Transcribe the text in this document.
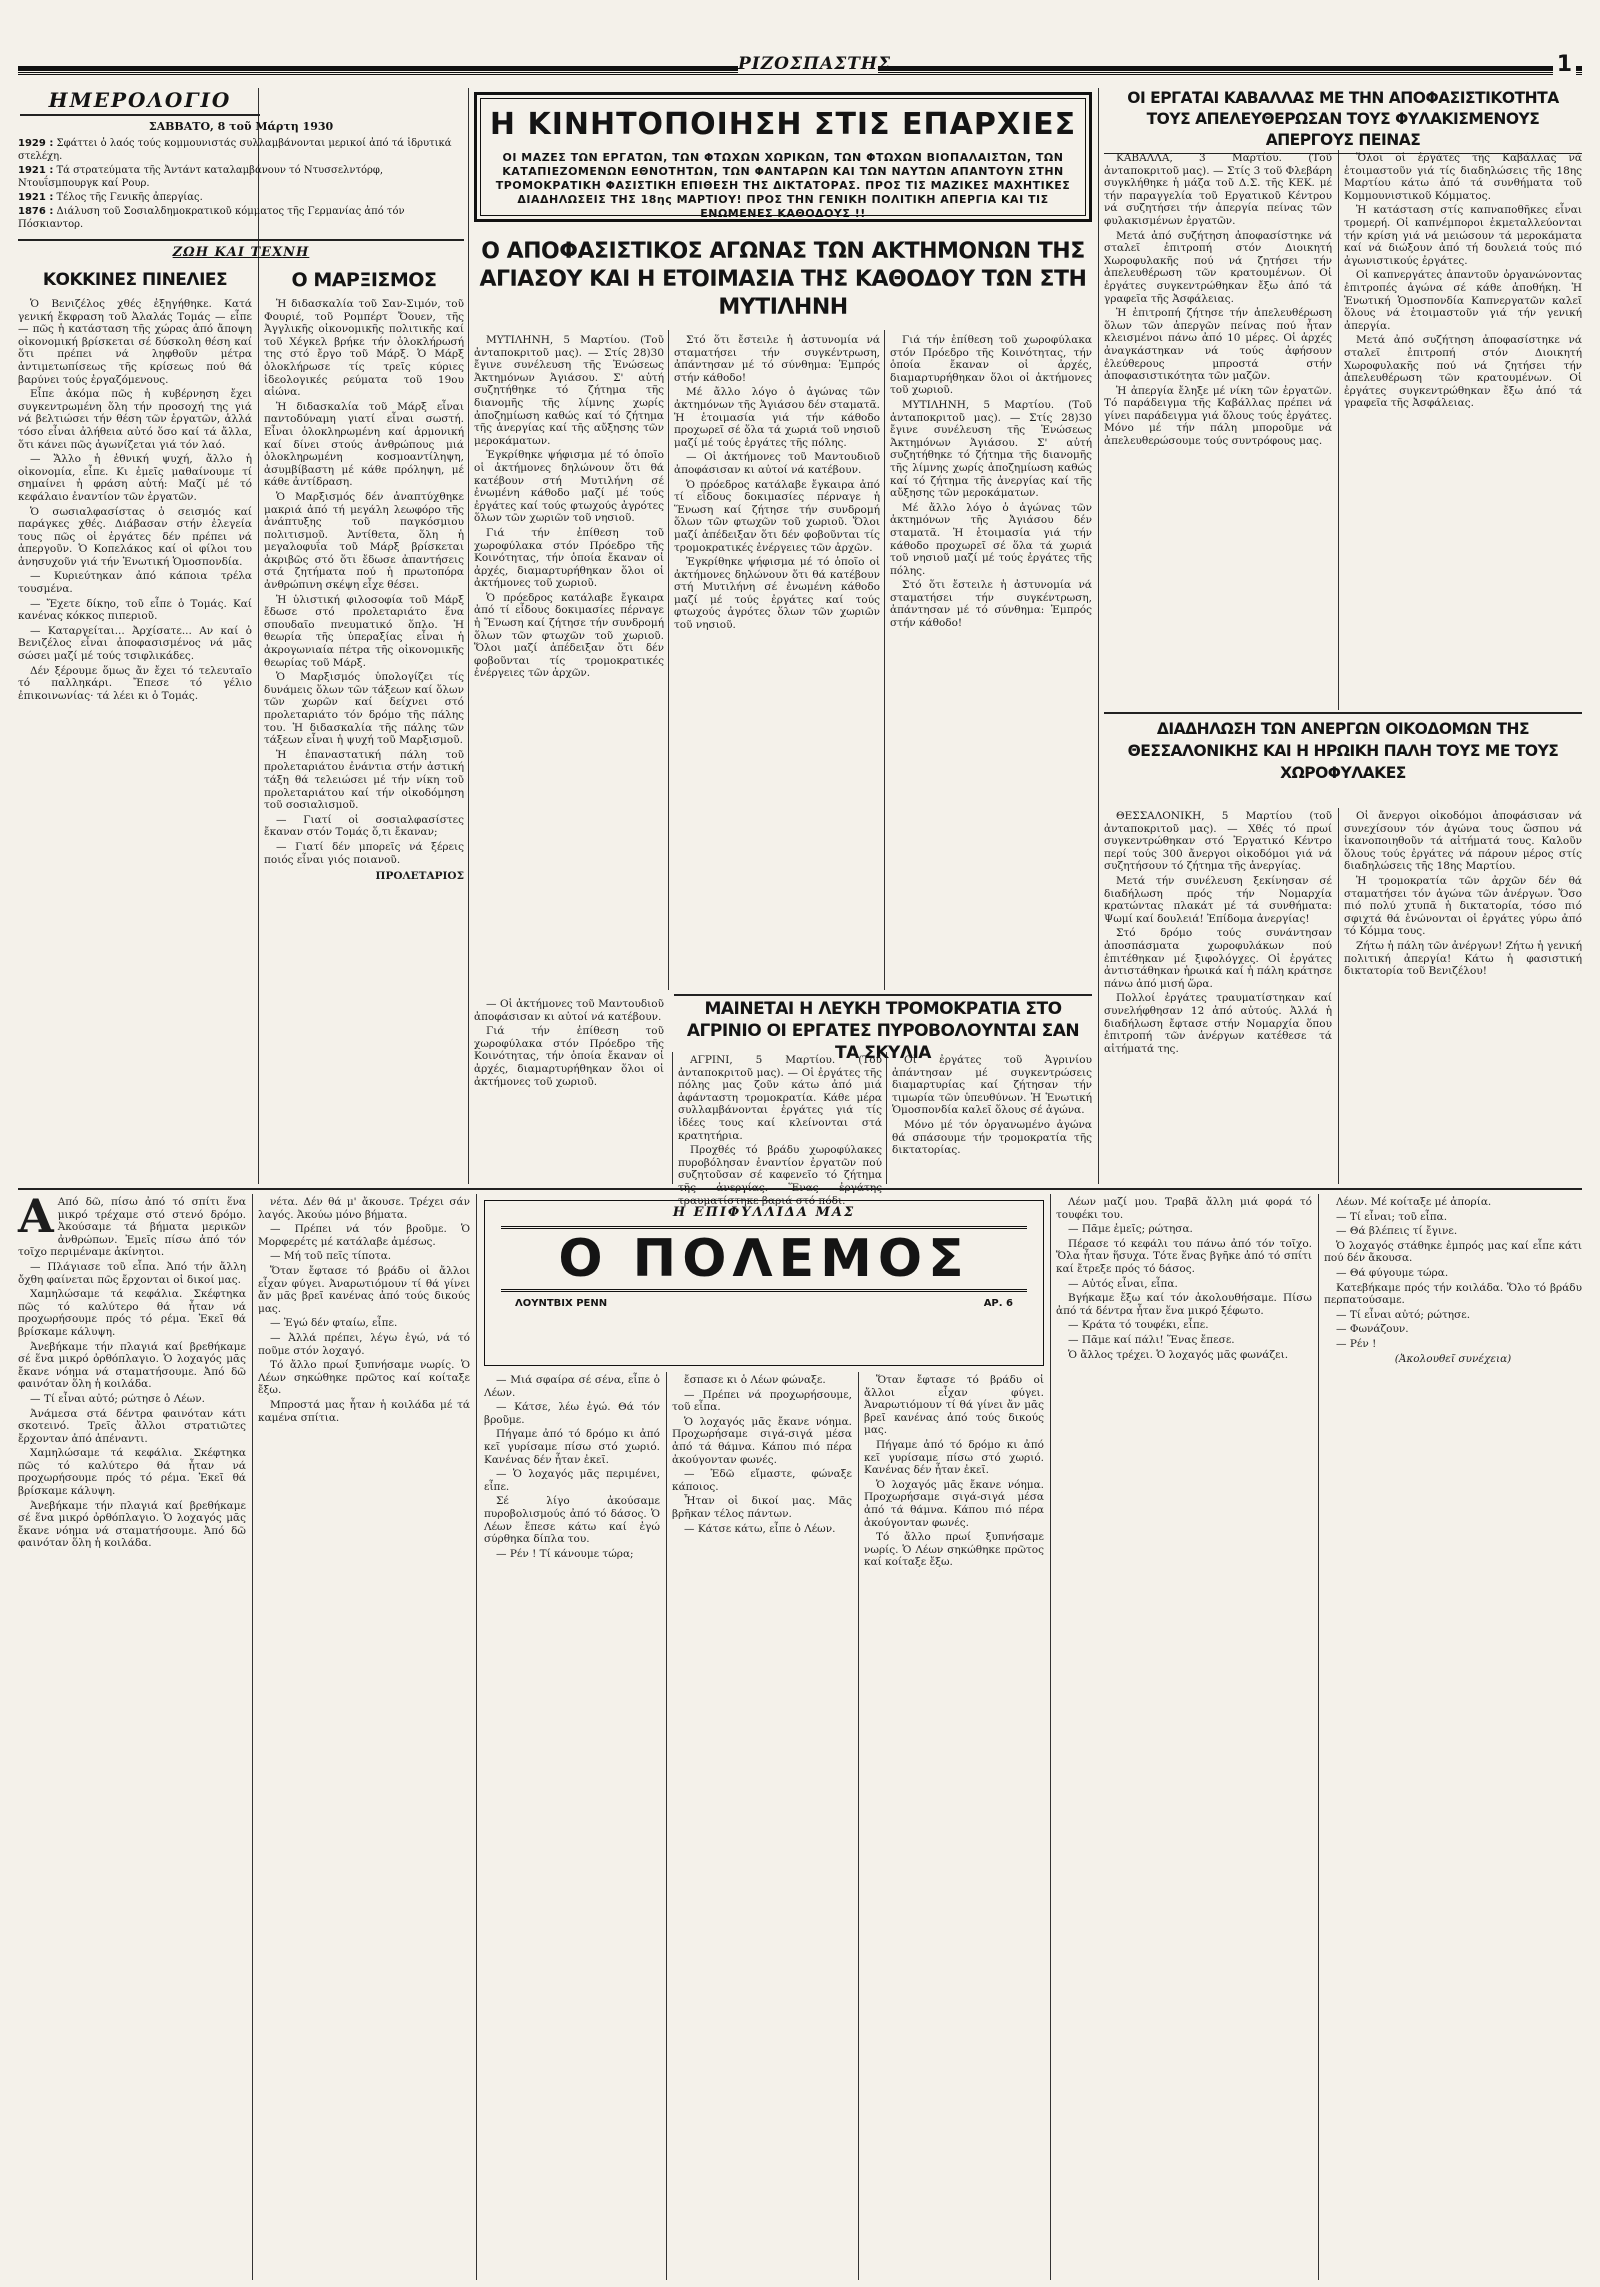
ΡΙΖΟΣΠΑΣΤΗΣ	1
ΗΜΕΡΟΛΟΓΙΟ
ΣΑΒΒΑΤΟ, 8 τοῦ Μάρτη 1930
1929 : Σφάττει ὁ λαός τούς κομμουνιστάς συλλαμβάνονται μερικοί ἀπό τά ἱδρυτικά στελέχη.
1921 : Τά στρατεύματα τῆς Ἀντάντ καταλαμβάνουν τό Ντυσσελντόρφ, Ντουΐσμπουργκ καί Ρουρ.
1921 : Τέλος τῆς Γενικῆς ἀπεργίας.
1876 : Διάλυση τοῦ Σοσιαλδημοκρατικοῦ κόμματος τῆς Γερμανίας ἀπό τόν Πόσκιαντορ.
ΖΩΗ ΚΑΙ ΤΕΧΝΗ
ΚΟΚΚΙΝΕΣ ΠΙΝΕΛΙΕΣ

Ὁ Βενιζέλος χθές ἐξηγήθηκε. Κατά γενική ἔκφραση τοῦ Ἀλαλάς Τομάς — εἶπε — πῶς ἡ κατάσταση τῆς χώρας ἀπό ἄποψη οἰκονομική βρίσκεται σέ δύσκολη θέση καί ὅτι πρέπει νά ληφθοῦν μέτρα ἀντιμετωπίσεως τῆς κρίσεως πού θά βαρύνει τούς ἐργαζόμενους.

Εἶπε ἀκόμα πῶς ἡ κυβέρνηση ἔχει συγκεντρωμένη ὅλη τήν προσοχή της γιά νά βελτιώσει τήν θέση τῶν ἐργατῶν, ἀλλά τόσο εἶναι ἀλήθεια αὐτό ὅσο καί τά ἄλλα, ὅτι κάνει πῶς ἀγωνίζεται γιά τόν λαό.

— Ἄλλο ἡ ἐθνική ψυχή, ἄλλο ἡ οἰκονομία, εἶπε. Κι ἐμεῖς μαθαίνουμε τί σημαίνει ἡ φράση αὐτή: Μαζί μέ τό κεφάλαιο ἐναντίον τῶν ἐργατῶν.

Ὁ σωσιαλφασίστας ὁ σεισμός καί παράγκες χθές. Διάβασαν στήν ἐλεγεία τους πῶς οἱ ἐργάτες δέν πρέπει νά ἀπεργοῦν. Ὁ Κοπελάκος καί οἱ φίλοι του ἀνησυχοῦν γιά τήν Ἑνωτική Ὁμοσπονδία.

— Κυριεύτηκαν ἀπό κάποια τρέλα τουσμένα.

— Ἔχετε δίκηο, τοῦ εἶπε ὁ Τομάς. Καί κανένας κόκκος πιπεριοῦ.

— Καταργείται... Ἀρχίσατε... Αν καί ὁ Βενιζέλος εἶναι ἀποφασισμένος νά μᾶς σώσει μαζί μέ τούς τσιφλικάδες.

Δέν ξέρουμε ὅμως ἄν ἔχει τό τελευταῖο τό παλληκάρι. Ἔπεσε τό γέλιο ἐπικοινωνίας· τά λέει κι ὁ Τομάς.

Ο ΜΑΡΞΙΣΜΟΣ

Ἡ διδασκαλία τοῦ Σαν-Σιμόν, τοῦ Φουριέ, τοῦ Ρομπέρτ Ὄουεν, τῆς Ἀγγλικῆς οἰκονομικῆς πολιτικῆς καί τοῦ Χέγκελ βρήκε τήν ὁλοκλήρωσή της στό ἔργο τοῦ Μάρξ. Ὁ Μάρξ ὁλοκλήρωσε τίς τρεῖς κύριες ἰδεολογικές ρεύματα τοῦ 19ου αἰώνα.

Ἡ διδασκαλία τοῦ Μάρξ εἶναι παντοδύναμη γιατί εἶναι σωστή. Εἶναι ὁλοκληρωμένη καί ἁρμονική καί δίνει στούς ἀνθρώπους μιά ὁλοκληρωμένη κοσμοαντίληψη, ἀσυμβίβαστη μέ κάθε πρόληψη, μέ κάθε ἀντίδραση.

Ὁ Μαρξισμός δέν ἀναπτύχθηκε μακριά ἀπό τή μεγάλη λεωφόρο τῆς ἀνάπτυξης τοῦ παγκόσμιου πολιτισμοῦ. Ἀντίθετα, ὅλη ἡ μεγαλοφυΐα τοῦ Μάρξ βρίσκεται ἀκριβῶς στό ὅτι ἔδωσε ἀπαντήσεις στά ζητήματα πού ἡ πρωτοπόρα ἀνθρώπινη σκέψη εἶχε θέσει.

Ἡ ὑλιστική φιλοσοφία τοῦ Μάρξ ἔδωσε στό προλεταριάτο ἕνα σπουδαῖο πνευματικό ὅπλο. Ἡ θεωρία τῆς ὑπεραξίας εἶναι ἡ ἀκρογωνιαία πέτρα τῆς οἰκονομικῆς θεωρίας τοῦ Μάρξ.

Ὁ Μαρξισμός ὑπολογίζει τίς δυνάμεις ὅλων τῶν τάξεων καί ὅλων τῶν χωρῶν καί δείχνει στό προλεταριάτο τόν δρόμο τῆς πάλης του. Ἡ διδασκαλία τῆς πάλης τῶν τάξεων εἶναι ἡ ψυχή τοῦ Μαρξισμοῦ.

Ἡ ἐπαναστατική πάλη τοῦ προλεταριάτου ἐνάντια στήν ἀστική τάξη θά τελειώσει μέ τήν νίκη τοῦ προλεταριάτου καί τήν οἰκοδόμηση τοῦ σοσιαλισμοῦ.

— Γιατί οἱ σοσιαλφασίστες ἔκαναν στόν Τομάς ὅ,τι ἔκαναν;

— Γιατί δέν μπορεῖς νά ξέρεις ποιός εἶναι γιός ποιανοῦ.

ΠΡΟΛΕΤΑΡΙΟΣ

Η ΚΙΝΗΤΟΠΟΙΗΣΗ ΣΤΙΣ ΕΠΑΡΧΙΕΣ
ΟΙ ΜΑΖΕΣ ΤΩΝ ΕΡΓΑΤΩΝ, ΤΩΝ ΦΤΩΧΩΝ ΧΩΡΙΚΩΝ, ΤΩΝ ΦΤΩΧΩΝ ΒΙΟΠΑΛΑΙΣΤΩΝ, ΤΩΝ ΚΑΤΑΠΙΕΖΟΜΕΝΩΝ ΕΘΝΟΤΗΤΩΝ, ΤΩΝ ΦΑΝΤΑΡΩΝ ΚΑΙ ΤΩΝ ΝΑΥΤΩΝ ΑΠΑΝΤΟΥΝ ΣΤΗΝ ΤΡΟΜΟΚΡΑΤΙΚΗ ΦΑΣΙΣΤΙΚΗ ΕΠΙΘΕΣΗ ΤΗΣ ΔΙΚΤΑΤΟΡΑΣ. ΠΡΟΣ ΤΙΣ ΜΑΖΙΚΕΣ ΜΑΧΗΤΙΚΕΣ ΔΙΑΔΗΛΩΣΕΙΣ ΤΗΣ 18ης ΜΑΡΤΙΟΥ! ΠΡΟΣ ΤΗΝ ΓΕΝΙΚΗ ΠΟΛΙΤΙΚΗ ΑΠΕΡΓΙΑ ΚΑΙ ΤΙΣ ΕΝΩΜΕΝΕΣ ΚΑΘΟΔΟΥΣ !!
Ο ΑΠΟΦΑΣΙΣΤΙΚΟΣ ΑΓΩΝΑΣ ΤΩΝ ΑΚΤΗΜΟΝΩΝ ΤΗΣ ΑΓΙΑΣΟΥ ΚΑΙ Η ΕΤΟΙΜΑΣΙΑ ΤΗΣ ΚΑΘΟΔΟΥ ΤΩΝ ΣΤΗ ΜΥΤΙΛΗΝΗ

ΜΥΤΙΛΗΝΗ, 5 Μαρτίου. (Τοῦ ἀνταποκριτοῦ μας). — Στίς 28)30 ἔγινε συνέλευση τῆς Ἑνώσεως Ἀκτημόνων Ἀγιάσου. Σ' αὐτή συζητήθηκε τό ζήτημα τῆς διανομῆς τῆς λίμνης χωρίς ἀποζημίωση καθώς καί τό ζήτημα τῆς ἀνεργίας καί τῆς αὔξησης τῶν μεροκάματων.

Ἐγκρίθηκε ψήφισμα μέ τό ὁποῖο οἱ ἀκτήμονες δηλώνουν ὅτι θά κατέβουν στή Μυτιλήνη σέ ἐνωμένη κάθοδο μαζί μέ τούς ἐργάτες καί τούς φτωχούς ἀγρότες ὅλων τῶν χωριῶν τοῦ νησιοῦ.

Γιά τήν ἐπίθεση τοῦ χωροφύλακα στόν Πρόεδρο τῆς Κοινότητας, τήν ὁποία ἔκαναν οἱ ἀρχές, διαμαρτυρήθηκαν ὅλοι οἱ ἀκτήμονες τοῦ χωριοῦ.

Ὁ πρόεδρος κατάλαβε ἔγκαιρα ἀπό τί εἶδους δοκιμασίες πέρναγε ἡ Ἕνωση καί ζήτησε τήν συνδρομή ὅλων τῶν φτωχῶν τοῦ χωριοῦ. Ὅλοι μαζί ἀπέδειξαν ὅτι δέν φοβοῦνται τίς τρομοκρατικές ἐνέργειες τῶν ἀρχῶν.

Στό ὅτι ἔστειλε ἡ ἀστυνομία νά σταματήσει τήν συγκέντρωση, ἀπάντησαν μέ τό σύνθημα: Ἐμπρός στήν κάθοδο!

Μέ ἄλλο λόγο ὁ ἀγώνας τῶν ἀκτημόνων τῆς Ἀγιάσου δέν σταματᾶ. Ἡ ἑτοιμασία γιά τήν κάθοδο προχωρεῖ σέ ὅλα τά χωριά τοῦ νησιοῦ μαζί μέ τούς ἐργάτες τῆς πόλης.

— Οἱ ἀκτήμονες τοῦ Μαντουδιοῦ ἀποφάσισαν κι αὐτοί νά κατέβουν.

Ὁ πρόεδρος κατάλαβε ἔγκαιρα ἀπό τί εἶδους δοκιμασίες πέρναγε ἡ Ἕνωση καί ζήτησε τήν συνδρομή ὅλων τῶν φτωχῶν τοῦ χωριοῦ. Ὅλοι μαζί ἀπέδειξαν ὅτι δέν φοβοῦνται τίς τρομοκρατικές ἐνέργειες τῶν ἀρχῶν.

Ἐγκρίθηκε ψήφισμα μέ τό ὁποῖο οἱ ἀκτήμονες δηλώνουν ὅτι θά κατέβουν στή Μυτιλήνη σέ ἐνωμένη κάθοδο μαζί μέ τούς ἐργάτες καί τούς φτωχούς ἀγρότες ὅλων τῶν χωριῶν τοῦ νησιοῦ.

Γιά τήν ἐπίθεση τοῦ χωροφύλακα στόν Πρόεδρο τῆς Κοινότητας, τήν ὁποία ἔκαναν οἱ ἀρχές, διαμαρτυρήθηκαν ὅλοι οἱ ἀκτήμονες τοῦ χωριοῦ.

ΜΥΤΙΛΗΝΗ, 5 Μαρτίου. (Τοῦ ἀνταποκριτοῦ μας). — Στίς 28)30 ἔγινε συνέλευση τῆς Ἑνώσεως Ἀκτημόνων Ἀγιάσου. Σ' αὐτή συζητήθηκε τό ζήτημα τῆς διανομῆς τῆς λίμνης χωρίς ἀποζημίωση καθώς καί τό ζήτημα τῆς ἀνεργίας καί τῆς αὔξησης τῶν μεροκάματων.

Μέ ἄλλο λόγο ὁ ἀγώνας τῶν ἀκτημόνων τῆς Ἀγιάσου δέν σταματᾶ. Ἡ ἑτοιμασία γιά τήν κάθοδο προχωρεῖ σέ ὅλα τά χωριά τοῦ νησιοῦ μαζί μέ τούς ἐργάτες τῆς πόλης.

Στό ὅτι ἔστειλε ἡ ἀστυνομία νά σταματήσει τήν συγκέντρωση, ἀπάντησαν μέ τό σύνθημα: Ἐμπρός στήν κάθοδο!

ΜΑΙΝΕΤΑΙ Η ΛΕΥΚΗ ΤΡΟΜΟΚΡΑΤΙΑ ΣΤΟ ΑΓΡΙΝΙΟ ΟΙ ΕΡΓΑΤΕΣ ΠΥΡΟΒΟΛΟΥΝΤΑΙ ΣΑΝ ΤΑ ΣΚΥΛΙΑ

— Οἱ ἀκτήμονες τοῦ Μαντουδιοῦ ἀποφάσισαν κι αὐτοί νά κατέβουν.

Γιά τήν ἐπίθεση τοῦ χωροφύλακα στόν Πρόεδρο τῆς Κοινότητας, τήν ὁποία ἔκαναν οἱ ἀρχές, διαμαρτυρήθηκαν ὅλοι οἱ ἀκτήμονες τοῦ χωριοῦ.

ΑΓΡΙΝΙ, 5 Μαρτίου. (Τοῦ ἀνταποκριτοῦ μας). — Οἱ ἐργάτες τῆς πόλης μας ζοῦν κάτω ἀπό μιά ἀφάνταστη τρομοκρατία. Κάθε μέρα συλλαμβάνονται ἐργάτες γιά τίς ἰδέες τους καί κλείνονται στά κρατητήρια.

Προχθές τό βράδυ χωροφύλακες πυροβόλησαν ἐναντίον ἐργατῶν πού συζητοῦσαν σέ καφενεῖο τό ζήτημα τῆς ἀνεργίας. Ἕνας ἐργάτης τραυματίστηκε βαριά στό πόδι.

Οἱ ἐργάτες τοῦ Ἀγρινίου ἀπάντησαν μέ συγκεντρώσεις διαμαρτυρίας καί ζήτησαν τήν τιμωρία τῶν ὑπευθύνων. Ἡ Ἑνωτική Ὁμοσπονδία καλεῖ ὅλους σέ ἀγώνα.

Μόνο μέ τόν ὀργανωμένο ἀγώνα θά σπάσουμε τήν τρομοκρατία τῆς δικτατορίας.

ΟΙ ΕΡΓΑΤΑΙ ΚΑΒΑΛΛΑΣ ΜΕ ΤΗΝ ΑΠΟΦΑΣΙΣΤΙΚΟΤΗΤΑ ΤΟΥΣ ΑΠΕΛΕΥΘΕΡΩΣΑΝ ΤΟΥΣ ΦΥΛΑΚΙΣΜΕΝΟΥΣ ΑΠΕΡΓΟΥΣ ΠΕΙΝΑΣ

ΚΑΒΑΛΛΑ, 3 Μαρτίου. (Τοῦ ἀνταποκριτοῦ μας). — Στίς 3 τοῦ Φλεβάρη συγκλήθηκε ἡ μάζα τοῦ Δ.Σ. τῆς ΚΕΚ. μέ τήν παραγγελία τοῦ Εργατικοῦ Κέντρου νά συζητήσει τήν ἀπεργία πείνας τῶν φυλακισμένων ἐργατῶν.

Μετά ἀπό συζήτηση ἀποφασίστηκε νά σταλεῖ ἐπιτροπή στόν Διοικητή Χωροφυλακῆς πού νά ζητήσει τήν ἀπελευθέρωση τῶν κρατουμένων. Οἱ ἐργάτες συγκεντρώθηκαν ἔξω ἀπό τά γραφεῖα τῆς Ἀσφάλειας.

Ἡ ἐπιτροπή ζήτησε τήν ἀπελευθέρωση ὅλων τῶν ἀπεργῶν πείνας πού ἦταν κλεισμένοι πάνω ἀπό 10 μέρες. Οἱ ἀρχές ἀναγκάστηκαν νά τούς ἀφήσουν ἐλεύθερους μπροστά στήν ἀποφασιστικότητα τῶν μαζῶν.

Ἡ ἀπεργία ἔληξε μέ νίκη τῶν ἐργατῶν. Τό παράδειγμα τῆς Καβάλλας πρέπει νά γίνει παράδειγμα γιά ὅλους τούς ἐργάτες. Μόνο μέ τήν πάλη μποροῦμε νά ἀπελευθερώσουμε τούς συντρόφους μας.

Ὅλοι οἱ ἐργάτες τῆς Καβάλλας νά ἑτοιμαστοῦν γιά τίς διαδηλώσεις τῆς 18ης Μαρτίου κάτω ἀπό τά συνθήματα τοῦ Κομμουνιστικοῦ Κόμματος.

Ἡ κατάσταση στίς καπναποθῆκες εἶναι τρομερή. Οἱ καπνέμποροι ἐκμεταλλεύονται τήν κρίση γιά νά μειώσουν τά μεροκάματα καί νά διώξουν ἀπό τή δουλειά τούς πιό ἀγωνιστικούς ἐργάτες.

Οἱ καπνεργάτες ἀπαντοῦν ὀργανώνοντας ἐπιτροπές ἀγώνα σέ κάθε ἀποθήκη. Ἡ Ἑνωτική Ὁμοσπονδία Καπνεργατῶν καλεῖ ὅλους νά ἑτοιμαστοῦν γιά τήν γενική ἀπεργία.

Μετά ἀπό συζήτηση ἀποφασίστηκε νά σταλεῖ ἐπιτροπή στόν Διοικητή Χωροφυλακῆς πού νά ζητήσει τήν ἀπελευθέρωση τῶν κρατουμένων. Οἱ ἐργάτες συγκεντρώθηκαν ἔξω ἀπό τά γραφεῖα τῆς Ἀσφάλειας.

ΔΙΑΔΗΛΩΣΗ ΤΩΝ ΑΝΕΡΓΩΝ ΟΙΚΟΔΟΜΩΝ ΤΗΣ ΘΕΣΣΑΛΟΝΙΚΗΣ ΚΑΙ Η ΗΡΩΙΚΗ ΠΑΛΗ ΤΟΥΣ ΜΕ ΤΟΥΣ ΧΩΡΟΦΥΛΑΚΕΣ

ΘΕΣΣΑΛΟΝΙΚΗ, 5 Μαρτίου (τοῦ ἀνταποκριτοῦ μας). — Χθές τό πρωί συγκεντρώθηκαν στό Ἐργατικό Κέντρο περί τούς 300 ἄνεργοι οἰκοδόμοι γιά νά συζητήσουν τό ζήτημα τῆς ἀνεργίας.

Μετά τήν συνέλευση ξεκίνησαν σέ διαδήλωση πρός τήν Νομαρχία κρατώντας πλακάτ μέ τά συνθήματα: Ψωμί καί δουλειά! Ἐπίδομα ἀνεργίας!

Στό δρόμο τούς συνάντησαν ἀποσπάσματα χωροφυλάκων πού ἐπιτέθηκαν μέ ξιφολόγχες. Οἱ ἐργάτες ἀντιστάθηκαν ἡρωικά καί ἡ πάλη κράτησε πάνω ἀπό μισή ὥρα.

Πολλοί ἐργάτες τραυματίστηκαν καί συνελήφθησαν 12 ἀπό αὐτούς. Ἀλλά ἡ διαδήλωση ἔφτασε στήν Νομαρχία ὅπου ἐπιτροπή τῶν ἀνέργων κατέθεσε τά αἰτήματά της.

Οἱ ἄνεργοι οἰκοδόμοι ἀποφάσισαν νά συνεχίσουν τόν ἀγώνα τους ὥσπου νά ἱκανοποιηθοῦν τά αἰτήματά τους. Καλοῦν ὅλους τούς ἐργάτες νά πάρουν μέρος στίς διαδηλώσεις τῆς 18ης Μαρτίου.

Ἡ τρομοκρατία τῶν ἀρχῶν δέν θά σταματήσει τόν ἀγώνα τῶν ἀνέργων. Ὅσο πιό πολύ χτυπᾶ ἡ δικτατορία, τόσο πιό σφιχτά θά ἑνώνονται οἱ ἐργάτες γύρω ἀπό τό Κόμμα τους.

Ζήτω ἡ πάλη τῶν ἀνέργων! Ζήτω ἡ γενική πολιτική ἀπεργία! Κάτω ἡ φασιστική δικτατορία τοῦ Βενιζέλου!

Α Από δῶ, πίσω ἀπό τό σπίτι ἕνα μικρό τρέχαμε στό στενό δρόμο. Ἀκούσαμε τά βήματα μερικῶν ἀνθρώπων. Ἐμεῖς πίσω ἀπό τόν τοῖχο περιμέναμε ἀκίνητοι.

— Πλάγιασε τοῦ εἶπα. Ἀπό τήν ἄλλη ὄχθη φαίνεται πῶς ἔρχονται οἱ δικοί μας.

Χαμηλώσαμε τά κεφάλια. Σκέφτηκα πῶς τό καλύτερο θά ἦταν νά προχωρήσουμε πρός τό ρέμα. Ἐκεῖ θά βρίσκαμε κάλυψη.

Ἀνεβήκαμε τήν πλαγιά καί βρεθήκαμε σέ ἕνα μικρό ὀρθόπλαγιο. Ὁ λοχαγός μᾶς ἔκανε νόημα νά σταματήσουμε. Ἀπό δῶ φαινόταν ὅλη ἡ κοιλάδα.

— Τί εἶναι αὐτό; ρώτησε ὁ Λέων.

Ἀνάμεσα στά δέντρα φαινόταν κάτι σκοτεινό. Τρεῖς ἄλλοι στρατιῶτες ἔρχονταν ἀπό ἀπέναντι.

Χαμηλώσαμε τά κεφάλια. Σκέφτηκα πῶς τό καλύτερο θά ἦταν νά προχωρήσουμε πρός τό ρέμα. Ἐκεῖ θά βρίσκαμε κάλυψη.

Ἀνεβήκαμε τήν πλαγιά καί βρεθήκαμε σέ ἕνα μικρό ὀρθόπλαγιο. Ὁ λοχαγός μᾶς ἔκανε νόημα νά σταματήσουμε. Ἀπό δῶ φαινόταν ὅλη ἡ κοιλάδα.

νέτα. Δέν θά μ' ἄκουσε. Τρέχει σάν λαγός. Ἀκούω μόνο βήματα.

— Πρέπει νά τόν βροῦμε. Ὁ Μορφερέτς μέ κατάλαβε ἀμέσως.

— Μή τοῦ πεῖς τίποτα.

Ὅταν ἔφτασε τό βράδυ οἱ ἄλλοι εἶχαν φύγει. Ἀναρωτιόμουν τί θά γίνει ἄν μᾶς βρεῖ κανένας ἀπό τούς δικούς μας.

— Ἐγώ δέν φταίω, εἶπε.

— Ἀλλά πρέπει, λέγω ἐγώ, νά τό ποῦμε στόν λοχαγό.

Τό ἄλλο πρωί ξυπνήσαμε νωρίς. Ὁ Λέων σηκώθηκε πρῶτος καί κοίταξε ἔξω.

Μπροστά μας ἦταν ἡ κοιλάδα μέ τά καμένα σπίτια.

Η ΕΠΙΦΥΛΛΙΔΑ ΜΑΣ
Ο ΠΟΛΕΜΟΣ
ΛΟΥΝΤΒΙΧ ΡΕΝΝ	ΑΡ. 6

— Μιά σφαίρα σέ σένα, εἶπε ὁ Λέων.

— Κάτσε, λέω ἐγώ. Θά τόν βροῦμε.

Πήγαμε ἀπό τό δρόμο κι ἀπό κεῖ γυρίσαμε πίσω στό χωριό. Κανένας δέν ἦταν ἐκεῖ.

— Ὁ λοχαγός μᾶς περιμένει, εἶπε.

Σέ λίγο ἀκούσαμε πυροβολισμούς ἀπό τό δάσος. Ὁ Λέων ἔπεσε κάτω καί ἐγώ σύρθηκα δίπλα του.

— Ρέν ! Τί κάνουμε τώρα;

ἔσπασε κι ὁ Λέων φώναξε.

— Πρέπει νά προχωρήσουμε, τοῦ εἶπα.

Ὁ λοχαγός μᾶς ἔκανε νόημα. Προχωρήσαμε σιγά-σιγά μέσα ἀπό τά θάμνα. Κάπου πιό πέρα ἀκούγονταν φωνές.

— Ἐδῶ εἴμαστε, φώναξε κάποιος.

Ἦταν οἱ δικοί μας. Μᾶς βρῆκαν τέλος πάντων.

— Κάτσε κάτω, εἶπε ὁ Λέων.

Ὅταν ἔφτασε τό βράδυ οἱ ἄλλοι εἶχαν φύγει. Ἀναρωτιόμουν τί θά γίνει ἄν μᾶς βρεῖ κανένας ἀπό τούς δικούς μας.

Πήγαμε ἀπό τό δρόμο κι ἀπό κεῖ γυρίσαμε πίσω στό χωριό. Κανένας δέν ἦταν ἐκεῖ.

Ὁ λοχαγός μᾶς ἔκανε νόημα. Προχωρήσαμε σιγά-σιγά μέσα ἀπό τά θάμνα. Κάπου πιό πέρα ἀκούγονταν φωνές.

Τό ἄλλο πρωί ξυπνήσαμε νωρίς. Ὁ Λέων σηκώθηκε πρῶτος καί κοίταξε ἔξω.

Λέων μαζί μου. Τραβᾶ ἄλλη μιά φορά τό τουφέκι του.

— Πᾶμε ἐμεῖς; ρώτησα.

Πέρασε τό κεφάλι του πάνω ἀπό τόν τοῖχο. Ὅλα ἦταν ἥσυχα. Τότε ἕνας βγῆκε ἀπό τό σπίτι καί ἔτρεξε πρός τό δάσος.

— Αὐτός εἶναι, εἶπα.

Βγήκαμε ἔξω καί τόν ἀκολουθήσαμε. Πίσω ἀπό τά δέντρα ἦταν ἕνα μικρό ξέφωτο.

— Κράτα τό τουφέκι, εἶπε.

— Πᾶμε καί πάλι! Ἕνας ἔπεσε.

Ὁ ἄλλος τρέχει. Ὁ λοχαγός μᾶς φωνάζει.

Λέων. Μέ κοίταξε μέ ἀπορία.

— Τί εἶναι; τοῦ εἶπα.

— Θά βλέπεις τί ἔγινε.

Ὁ λοχαγός στάθηκε ἐμπρός μας καί εἶπε κάτι πού δέν ἄκουσα.

— Θά φύγουμε τώρα.

Κατεβήκαμε πρός τήν κοιλάδα. Ὅλο τό βράδυ περπατούσαμε.

— Τί εἶναι αὐτό; ρώτησε.

— Φωνάζουν.

— Ρέν !

(Ἀκολουθεῖ συνέχεια)
